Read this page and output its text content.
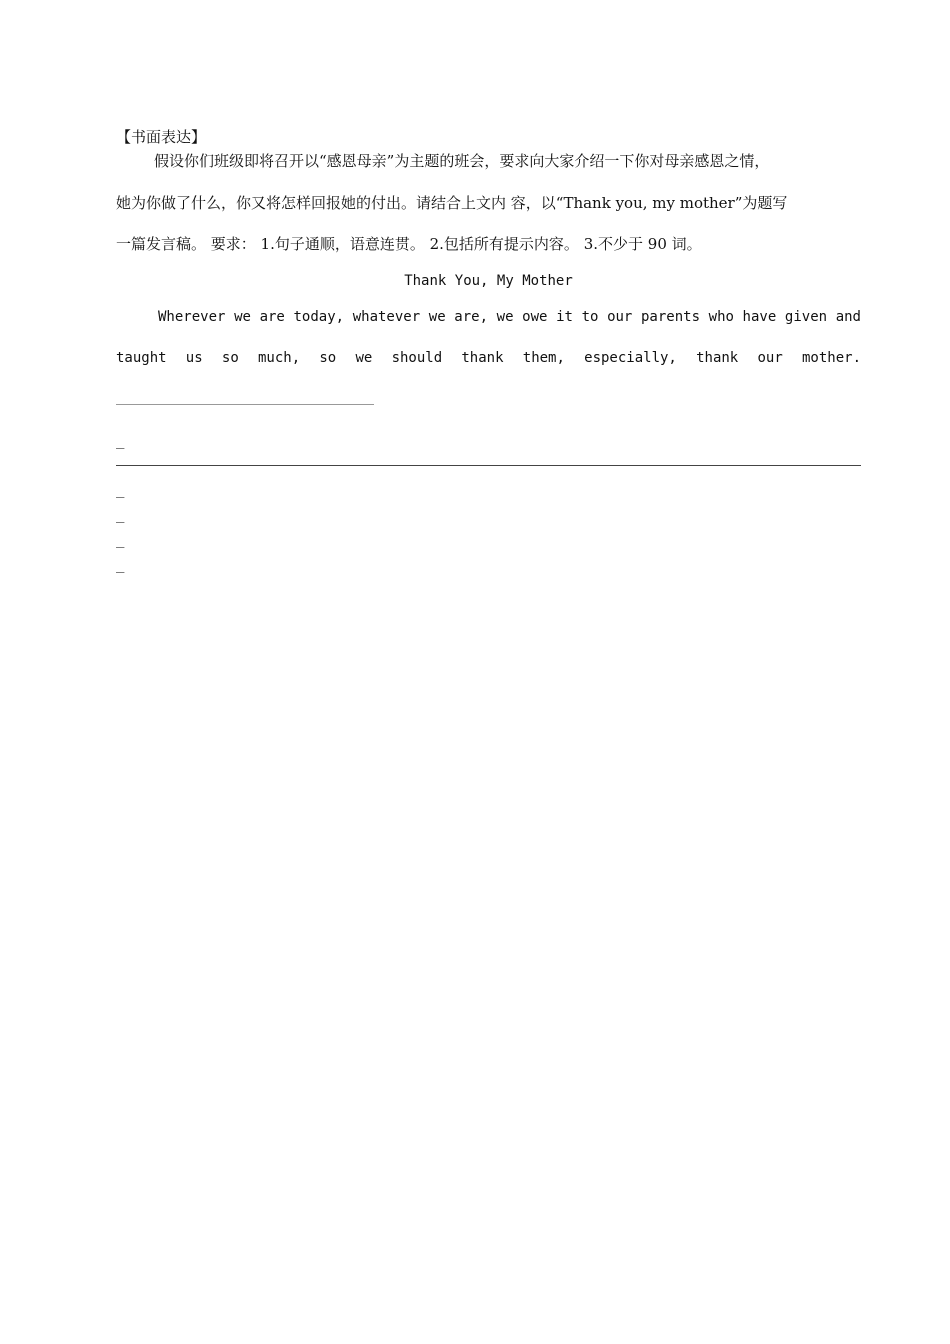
【书面表达】
假设你们班级即将召开以“感恩母亲”为主题的班会，要求向大家介绍一下你对母亲感恩之情，
她为你做了什么，你又将怎样回报她的付出。请结合上文内 容，以“Thank you, my mother”为题写
一篇发言稿。 要求： 1.句子通顺，语意连贯。 2.包括所有提示内容。 3.不少于 90 词。
Thank You, My Mother
Wherever we are today, whatever we are, we owe it to our parents who have given and
taught us so much, so we should thank them, especially, thank our mother.
_
_
_
_
_
